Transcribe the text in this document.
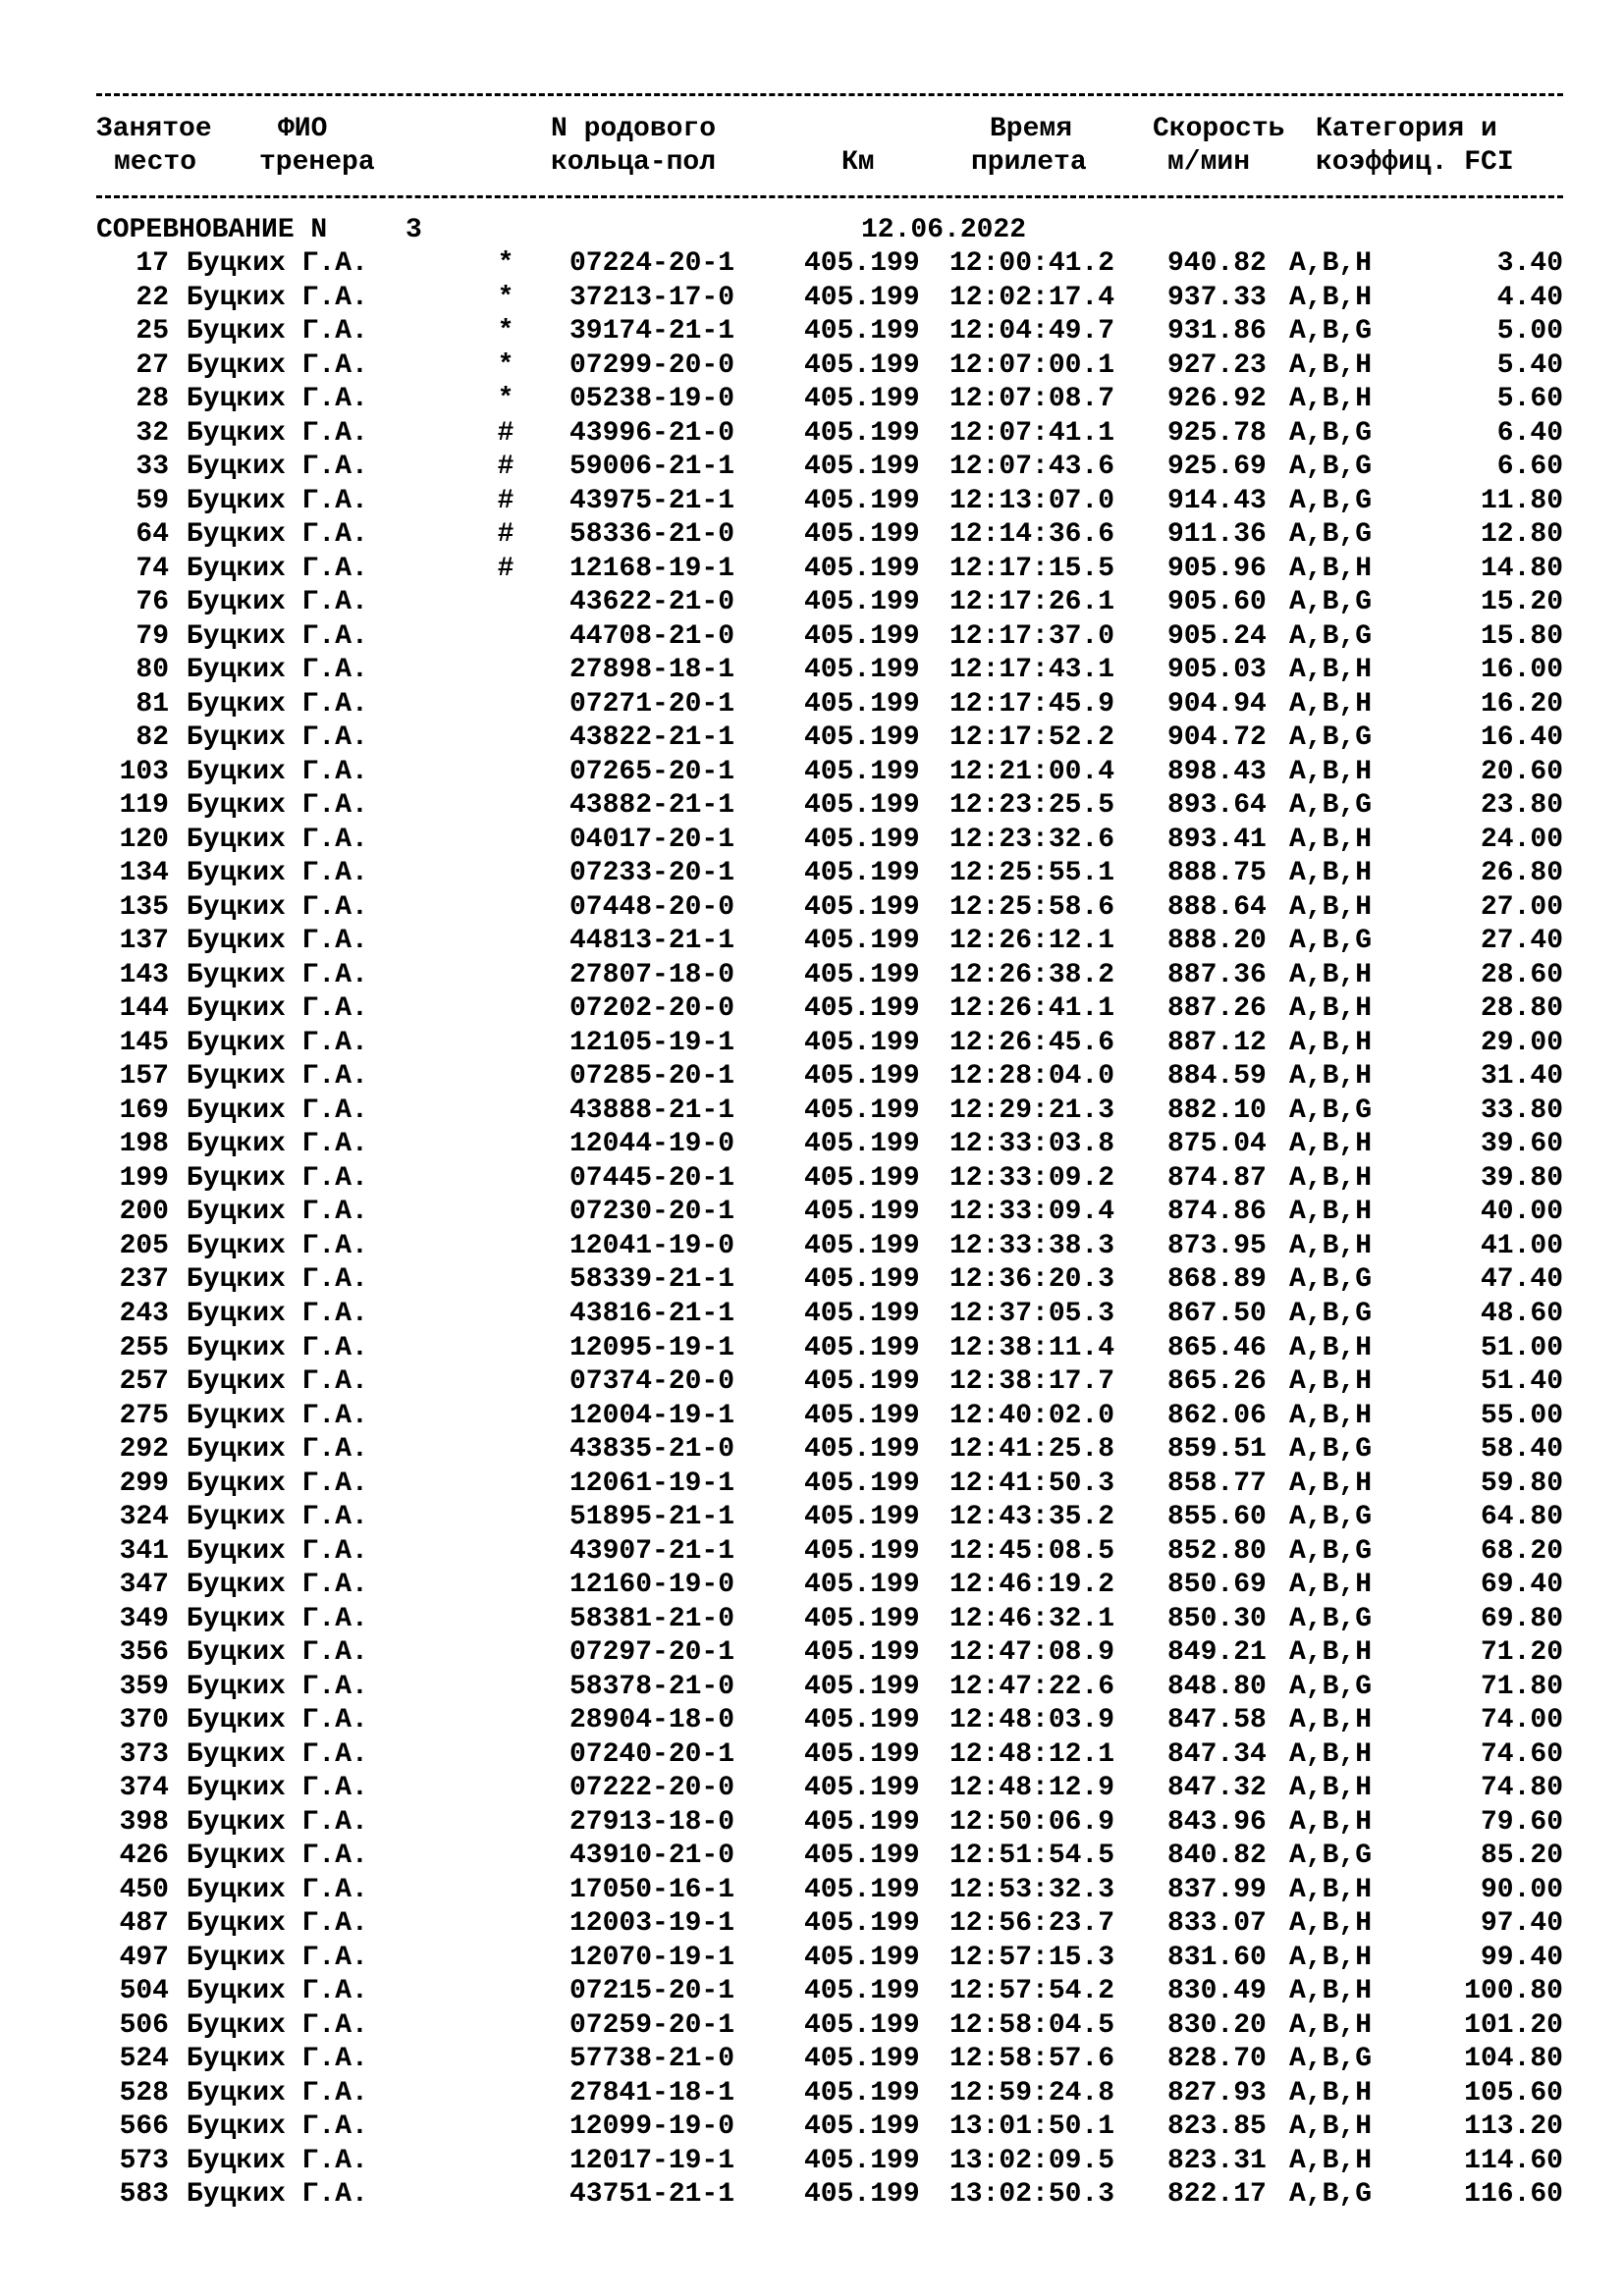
Занятое ФИО	N родового	Время	Скорость Категория и
место тренера	кольца-пол	Км	прилета	м/мин коэффиц. FCI
СОРЕВНОВАНИЕ N	3	12.06.2022
17 Буцких Г.А.	* 07224-20-1	405.199 12:00:41.2 940.82 A,B,H	3.40
22 Буцких Г.А.	* 37213-17-0	405.199 12:02:17.4 937.33 A,B,H	4.40
25 Буцких Г.А.	* 39174-21-1	405.199 12:04:49.7 931.86 A,B,G	5.00
27 Буцких Г.А.	* 07299-20-0	405.199 12:07:00.1 927.23 A,B,H	5.40
28 Буцких Г.А.	* 05238-19-0	405.199 12:07:08.7 926.92 A,B,H	5.60
32 Буцких Г.А.	# 43996-21-0	405.199 12:07:41.1 925.78 A,B,G	6.40
33 Буцких Г.А.	# 59006-21-1	405.199 12:07:43.6 925.69 A,B,G	6.60
59 Буцких Г.А.	# 43975-21-1	405.199 12:13:07.0 914.43 A,B,G	11.80
64 Буцких Г.А.	# 58336-21-0	405.199 12:14:36.6 911.36 A,B,G	12.80
74 Буцких Г.А.	# 12168-19-1	405.199 12:17:15.5 905.96 A,B,H	14.80
76 Буцких Г.А.	43622-21-0	405.199 12:17:26.1 905.60 A,B,G	15.20
79 Буцких Г.А.	44708-21-0	405.199 12:17:37.0 905.24 A,B,G	15.80
80 Буцких Г.А.	27898-18-1	405.199 12:17:43.1 905.03 A,B,H	16.00
81 Буцких Г.А.	07271-20-1	405.199 12:17:45.9 904.94 A,B,H	16.20
82 Буцких Г.А.	43822-21-1	405.199 12:17:52.2 904.72 A,B,G	16.40
103 Буцких Г.А.	07265-20-1	405.199 12:21:00.4 898.43 A,B,H	20.60
119 Буцких Г.А.	43882-21-1	405.199 12:23:25.5 893.64 A,B,G	23.80
120 Буцких Г.А.	04017-20-1	405.199 12:23:32.6 893.41 A,B,H	24.00
134 Буцких Г.А.	07233-20-1	405.199 12:25:55.1 888.75 A,B,H	26.80
135 Буцких Г.А.	07448-20-0	405.199 12:25:58.6 888.64 A,B,H	27.00
137 Буцких Г.А.	44813-21-1	405.199 12:26:12.1 888.20 A,B,G	27.40
143 Буцких Г.А.	27807-18-0	405.199 12:26:38.2 887.36 A,B,H	28.60
144 Буцких Г.А.	07202-20-0	405.199 12:26:41.1 887.26 A,B,H	28.80
145 Буцких Г.А.	12105-19-1	405.199 12:26:45.6 887.12 A,B,H	29.00
157 Буцких Г.А.	07285-20-1	405.199 12:28:04.0 884.59 A,B,H	31.40
169 Буцких Г.А.	43888-21-1	405.199 12:29:21.3 882.10 A,B,G	33.80
198 Буцких Г.А.	12044-19-0	405.199 12:33:03.8 875.04 A,B,H	39.60
199 Буцких Г.А.	07445-20-1	405.199 12:33:09.2 874.87 A,B,H	39.80
200 Буцких Г.А.	07230-20-1	405.199 12:33:09.4 874.86 A,B,H	40.00
205 Буцких Г.А.	12041-19-0	405.199 12:33:38.3 873.95 A,B,H	41.00
237 Буцких Г.А.	58339-21-1	405.199 12:36:20.3 868.89 A,B,G	47.40
243 Буцких Г.А.	43816-21-1	405.199 12:37:05.3 867.50 A,B,G	48.60
255 Буцких Г.А.	12095-19-1	405.199 12:38:11.4 865.46 A,B,H	51.00
257 Буцких Г.А.	07374-20-0	405.199 12:38:17.7 865.26 A,B,H	51.40
275 Буцких Г.А.	12004-19-1	405.199 12:40:02.0 862.06 A,B,H	55.00
292 Буцких Г.А.	43835-21-0	405.199 12:41:25.8 859.51 A,B,G	58.40
299 Буцких Г.А.	12061-19-1	405.199 12:41:50.3 858.77 A,B,H	59.80
324 Буцких Г.А.	51895-21-1	405.199 12:43:35.2 855.60 A,B,G	64.80
341 Буцких Г.А.	43907-21-1	405.199 12:45:08.5 852.80 A,B,G	68.20
347 Буцких Г.А.	12160-19-0	405.199 12:46:19.2 850.69 A,B,H	69.40
349 Буцких Г.А.	58381-21-0	405.199 12:46:32.1 850.30 A,B,G	69.80
356 Буцких Г.А.	07297-20-1	405.199 12:47:08.9 849.21 A,B,H	71.20
359 Буцких Г.А.	58378-21-0	405.199 12:47:22.6 848.80 A,B,G	71.80
370 Буцких Г.А.	28904-18-0	405.199 12:48:03.9 847.58 A,B,H	74.00
373 Буцких Г.А.	07240-20-1	405.199 12:48:12.1 847.34 A,B,H	74.60
374 Буцких Г.А.	07222-20-0	405.199 12:48:12.9 847.32 A,B,H	74.80
398 Буцких Г.А.	27913-18-0	405.199 12:50:06.9 843.96 A,B,H	79.60
426 Буцких Г.А.	43910-21-0	405.199 12:51:54.5 840.82 A,B,G	85.20
450 Буцких Г.А.	17050-16-1	405.199 12:53:32.3 837.99 A,B,H	90.00
487 Буцких Г.А.	12003-19-1	405.199 12:56:23.7 833.07 A,B,H	97.40
497 Буцких Г.А.	12070-19-1	405.199 12:57:15.3 831.60 A,B,H	99.40
504 Буцких Г.А.	07215-20-1	405.199 12:57:54.2 830.49 A,B,H	100.80
506 Буцких Г.А.	07259-20-1	405.199 12:58:04.5 830.20 A,B,H	101.20
524 Буцких Г.А.	57738-21-0	405.199 12:58:57.6 828.70 A,B,G	104.80
528 Буцких Г.А.	27841-18-1	405.199 12:59:24.8 827.93 A,B,H	105.60
566 Буцких Г.А.	12099-19-0	405.199 13:01:50.1 823.85 A,B,H	113.20
573 Буцких Г.А.	12017-19-1	405.199 13:02:09.5 823.31 A,B,H	114.60
583 Буцких Г.А.	43751-21-1	405.199 13:02:50.3 822.17 A,B,G	116.60
